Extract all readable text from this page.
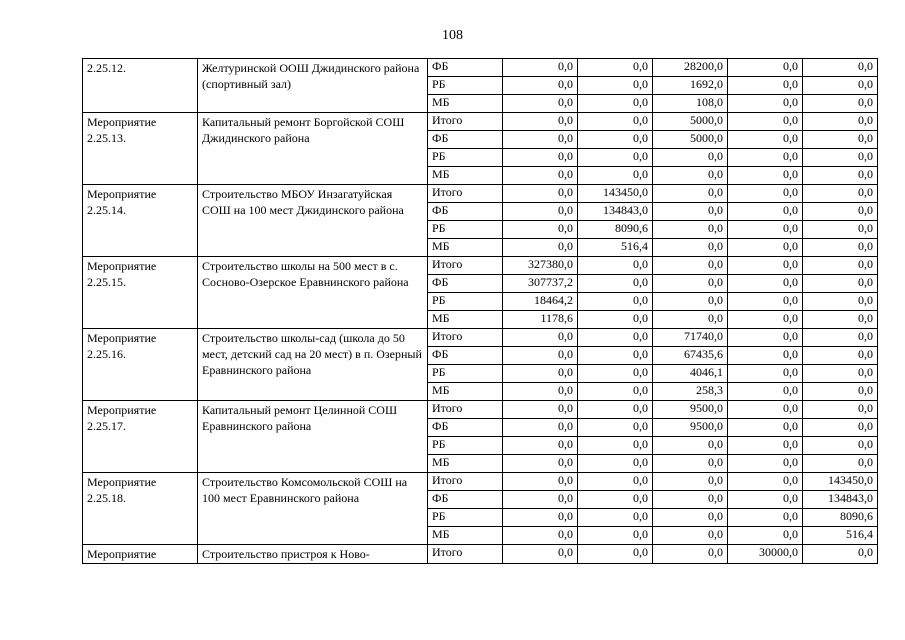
108
2.25.12.	Желтуринской ООШ Джидинского района (спортивный зал)	ФБ	0,0	0,0	28200,0	0,0	0,0
		РБ	0,0	0,0	1692,0	0,0	0,0
		МБ	0,0	0,0	108,0	0,0	0,0
Мероприятие 2.25.13.	Капитальный ремонт Боргойской СОШ Джидинского района	Итого	0,0	0,0	5000,0	0,0	0,0
		ФБ	0,0	0,0	5000,0	0,0	0,0
		РБ	0,0	0,0	0,0	0,0	0,0
		МБ	0,0	0,0	0,0	0,0	0,0
Мероприятие 2.25.14.	Строительство МБОУ Инзагатуйская СОШ на 100 мест Джидинского района	Итого	0,0	143450,0	0,0	0,0	0,0
		ФБ	0,0	134843,0	0,0	0,0	0,0
		РБ	0,0	8090,6	0,0	0,0	0,0
		МБ	0,0	516,4	0,0	0,0	0,0
Мероприятие 2.25.15.	Строительство школы на 500 мест в с. Сосново-Озерское Еравнинского района	Итого	327380,0	0,0	0,0	0,0	0,0
		ФБ	307737,2	0,0	0,0	0,0	0,0
		РБ	18464,2	0,0	0,0	0,0	0,0
		МБ	1178,6	0,0	0,0	0,0	0,0
Мероприятие 2.25.16.	Строительство школы-сад (школа до 50 мест, детский сад на 20 мест) в п. Озерный Еравнинского района	Итого	0,0	0,0	71740,0	0,0	0,0
		ФБ	0,0	0,0	67435,6	0,0	0,0
		РБ	0,0	0,0	4046,1	0,0	0,0
		МБ	0,0	0,0	258,3	0,0	0,0
Мероприятие 2.25.17.	Капитальный ремонт Целинной СОШ Еравнинского района	Итого	0,0	0,0	9500,0	0,0	0,0
		ФБ	0,0	0,0	9500,0	0,0	0,0
		РБ	0,0	0,0	0,0	0,0	0,0
		МБ	0,0	0,0	0,0	0,0	0,0
Мероприятие 2.25.18.	Строительство Комсомольской СОШ на 100 мест Еравнинского района	Итого	0,0	0,0	0,0	0,0	143450,0
		ФБ	0,0	0,0	0,0	0,0	134843,0
		РБ	0,0	0,0	0,0	0,0	8090,6
		МБ	0,0	0,0	0,0	0,0	516,4
Мероприятие	Строительство пристроя к Ново-	Итого	0,0	0,0	0,0	30000,0	0,0
